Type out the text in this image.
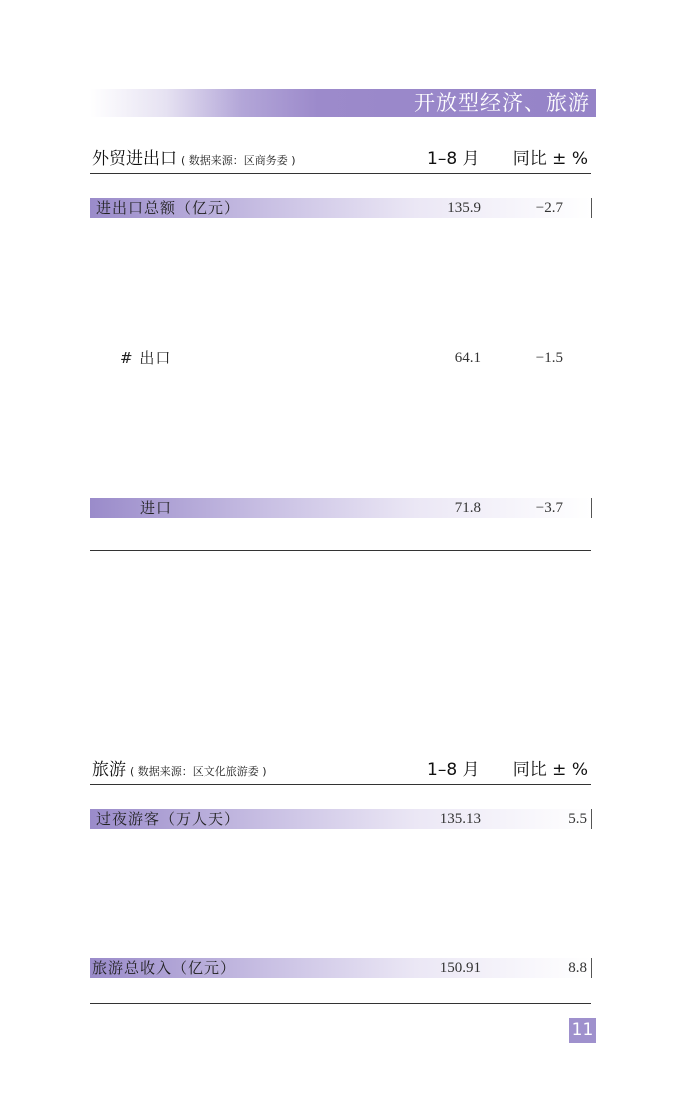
开放型经济、旅游
外贸进出口 ( 数据来源：区商务委 )	1–8 月 同比 ± %
进出口总额（亿元）	135.9	−2.7
# 出口	64.1	−1.5
进口	71.8	−3.7
旅游 ( 数据来源：区文化旅游委 )	1–8 月 同比 ± %
过夜游客（万人天）	135.13	5.5
旅游总收入（亿元）	150.91	8.8
11
